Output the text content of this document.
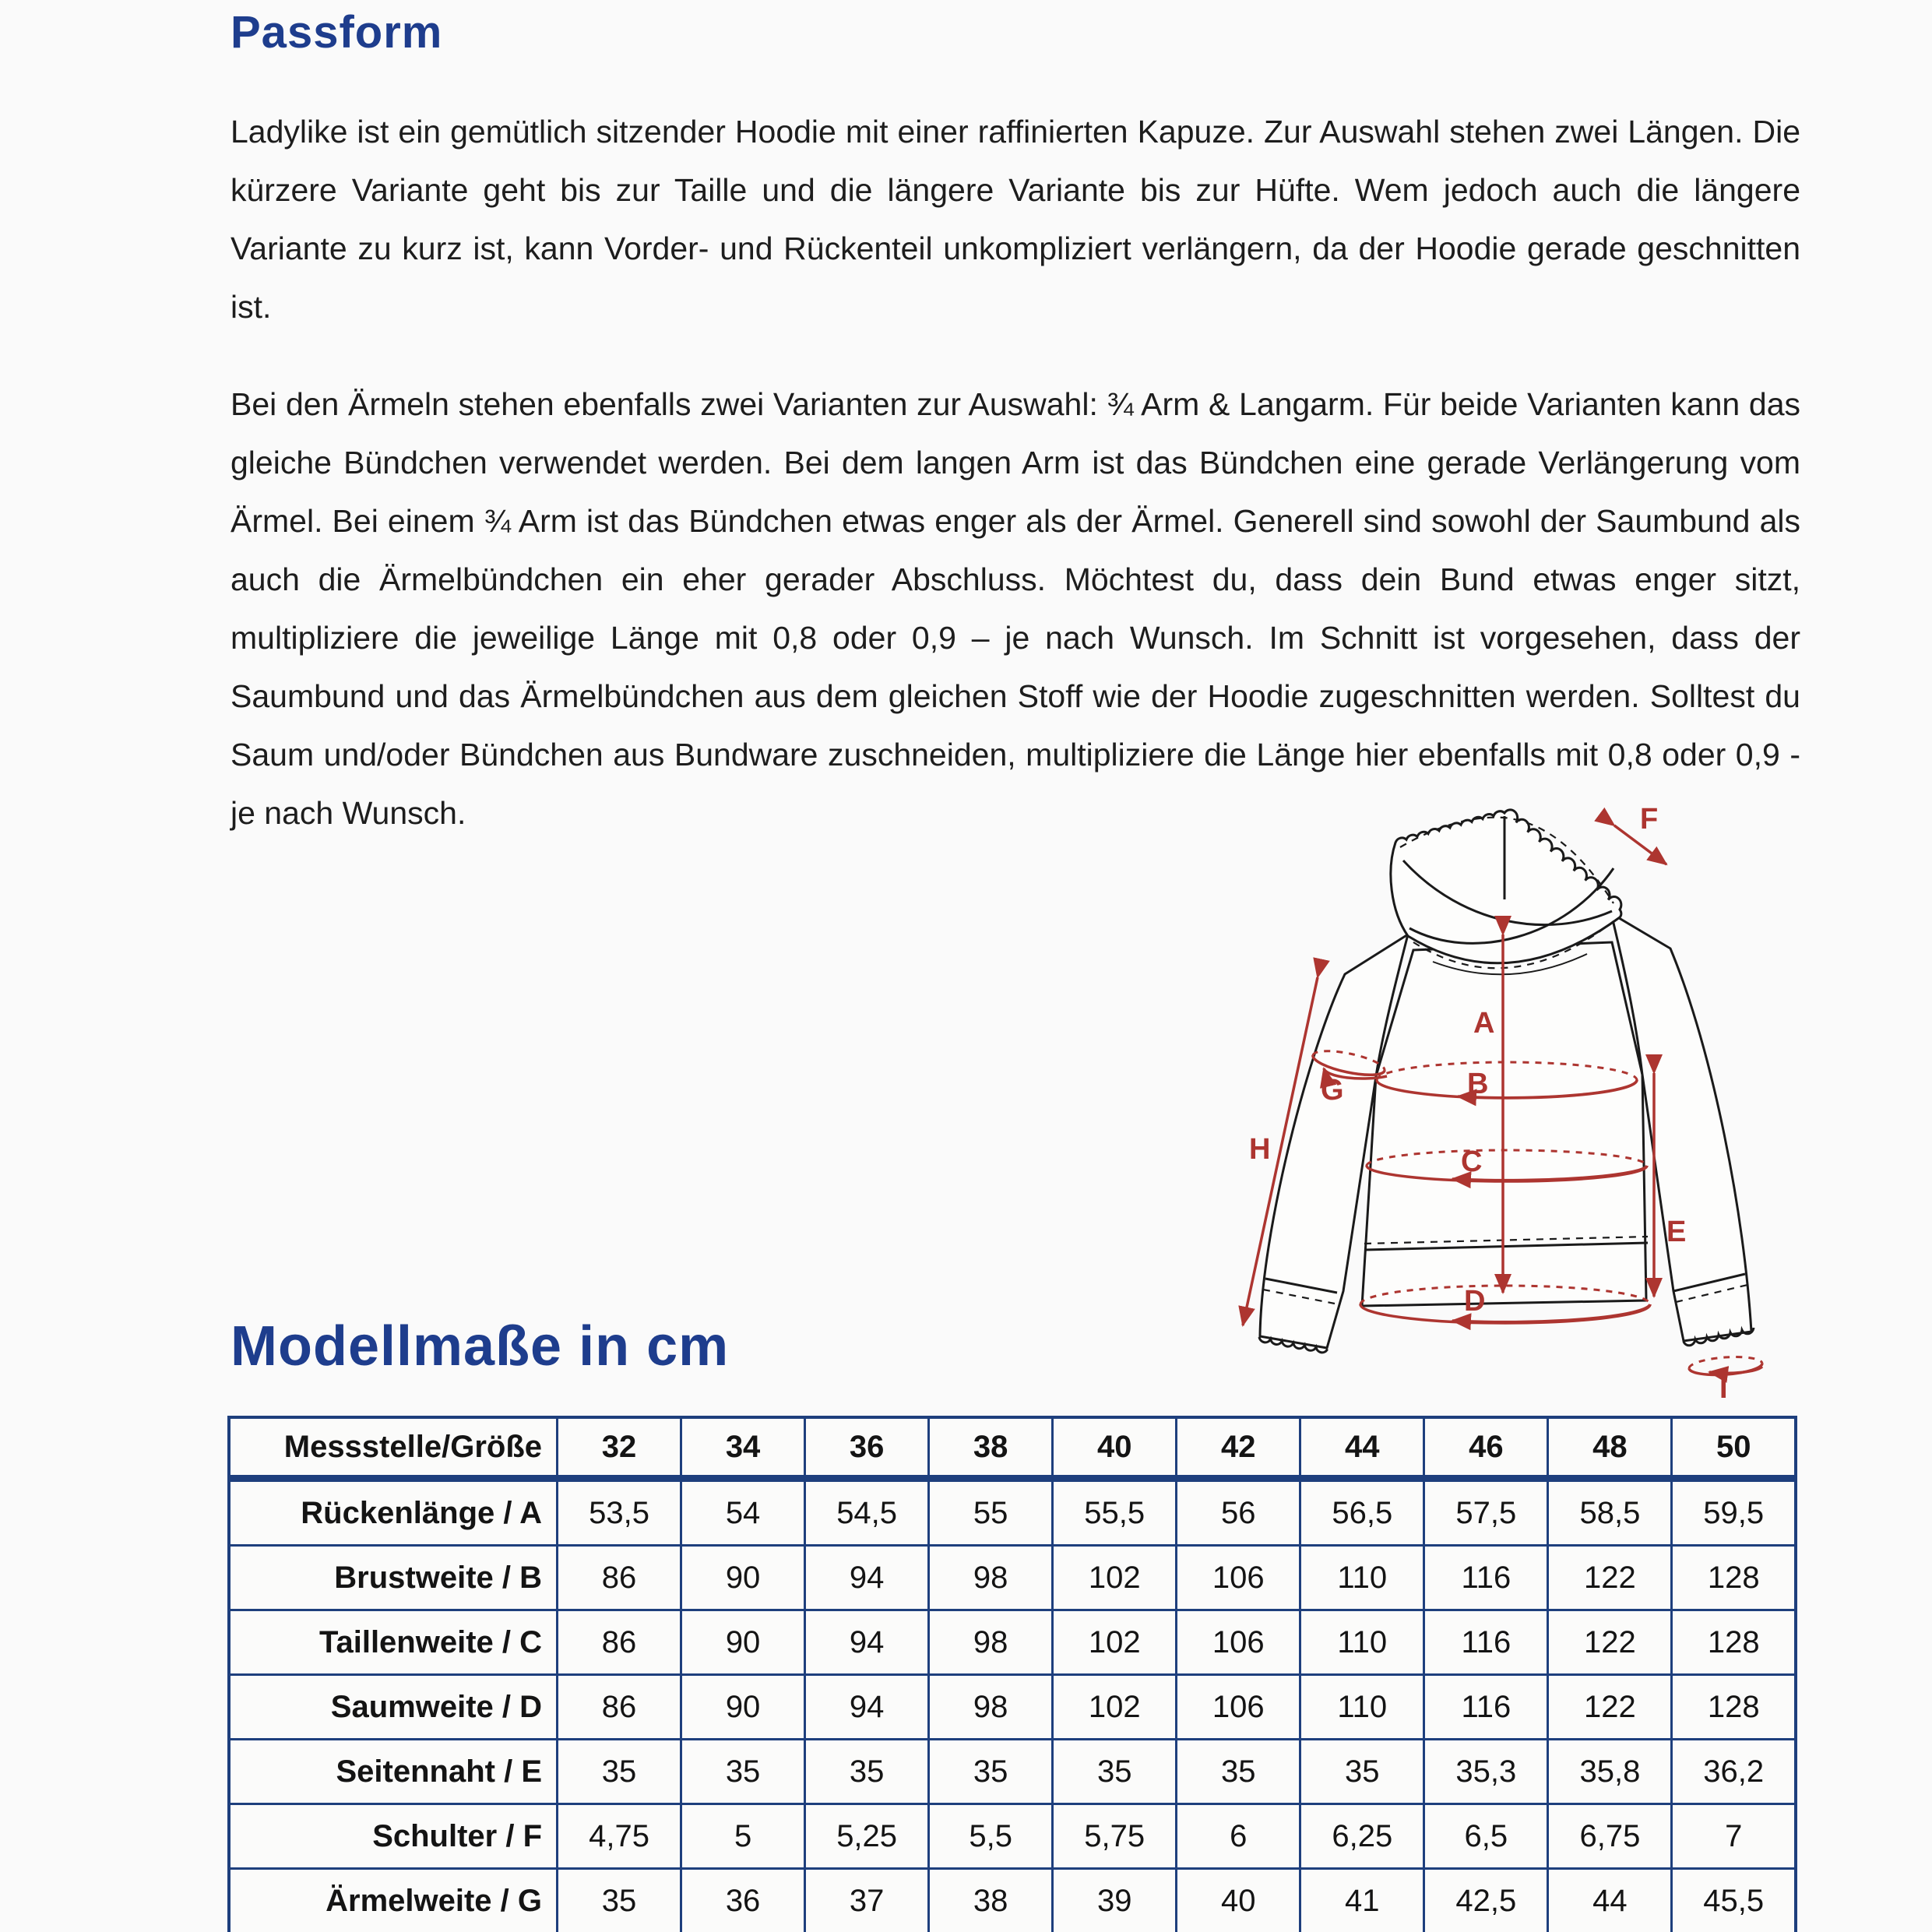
Passform

Ladylike ist ein gemütlich sitzender Hoodie mit einer raffinierten Kapuze. Zur Auswahl stehen zwei Längen. Die kürzere Variante geht bis zur Taille und die längere Variante bis zur Hüfte. Wem jedoch auch die längere Variante zu kurz ist, kann Vorder- und Rückenteil unkompliziert verlängern, da der Hoodie gerade geschnitten ist.

Bei den Ärmeln stehen ebenfalls zwei Varianten zur Auswahl: ¾ Arm & Langarm. Für beide Varianten kann das gleiche Bündchen verwendet werden. Bei dem langen Arm ist das Bündchen eine gerade Verlängerung vom Ärmel. Bei einem ¾ Arm ist das Bündchen etwas enger als der Ärmel. Generell sind sowohl der Saumbund als auch die Ärmelbündchen ein eher gerader Abschluss. Möchtest du, dass dein Bund etwas enger sitzt, multipliziere die jeweilige Länge mit 0,8 oder 0,9 – je nach Wunsch. Im Schnitt ist vorgesehen, dass der Saumbund und das Ärmelbündchen aus dem gleichen Stoff wie der Hoodie zugeschnitten werden. Solltest du Saum und/oder Bündchen aus Bundware zuschneiden, multipliziere die Länge hier ebenfalls mit 0,8 oder 0,9 - je nach Wunsch.

A
B
C
D
E
F
G
H
I
Modellmaße in cm
Messstelle/Größe	32	34	36	38	40	42	44	46	48	50
Rückenlänge / A	53,5	54	54,5	55	55,5	56	56,5	57,5	58,5	59,5
Brustweite / B	86	90	94	98	102	106	110	116	122	128
Taillenweite / C	86	90	94	98	102	106	110	116	122	128
Saumweite / D	86	90	94	98	102	106	110	116	122	128
Seitennaht / E	35	35	35	35	35	35	35	35,3	35,8	36,2
Schulter / F	4,75	5	5,25	5,5	5,75	6	6,25	6,5	6,75	7
Ärmelweite / G	35	36	37	38	39	40	41	42,5	44	45,5
